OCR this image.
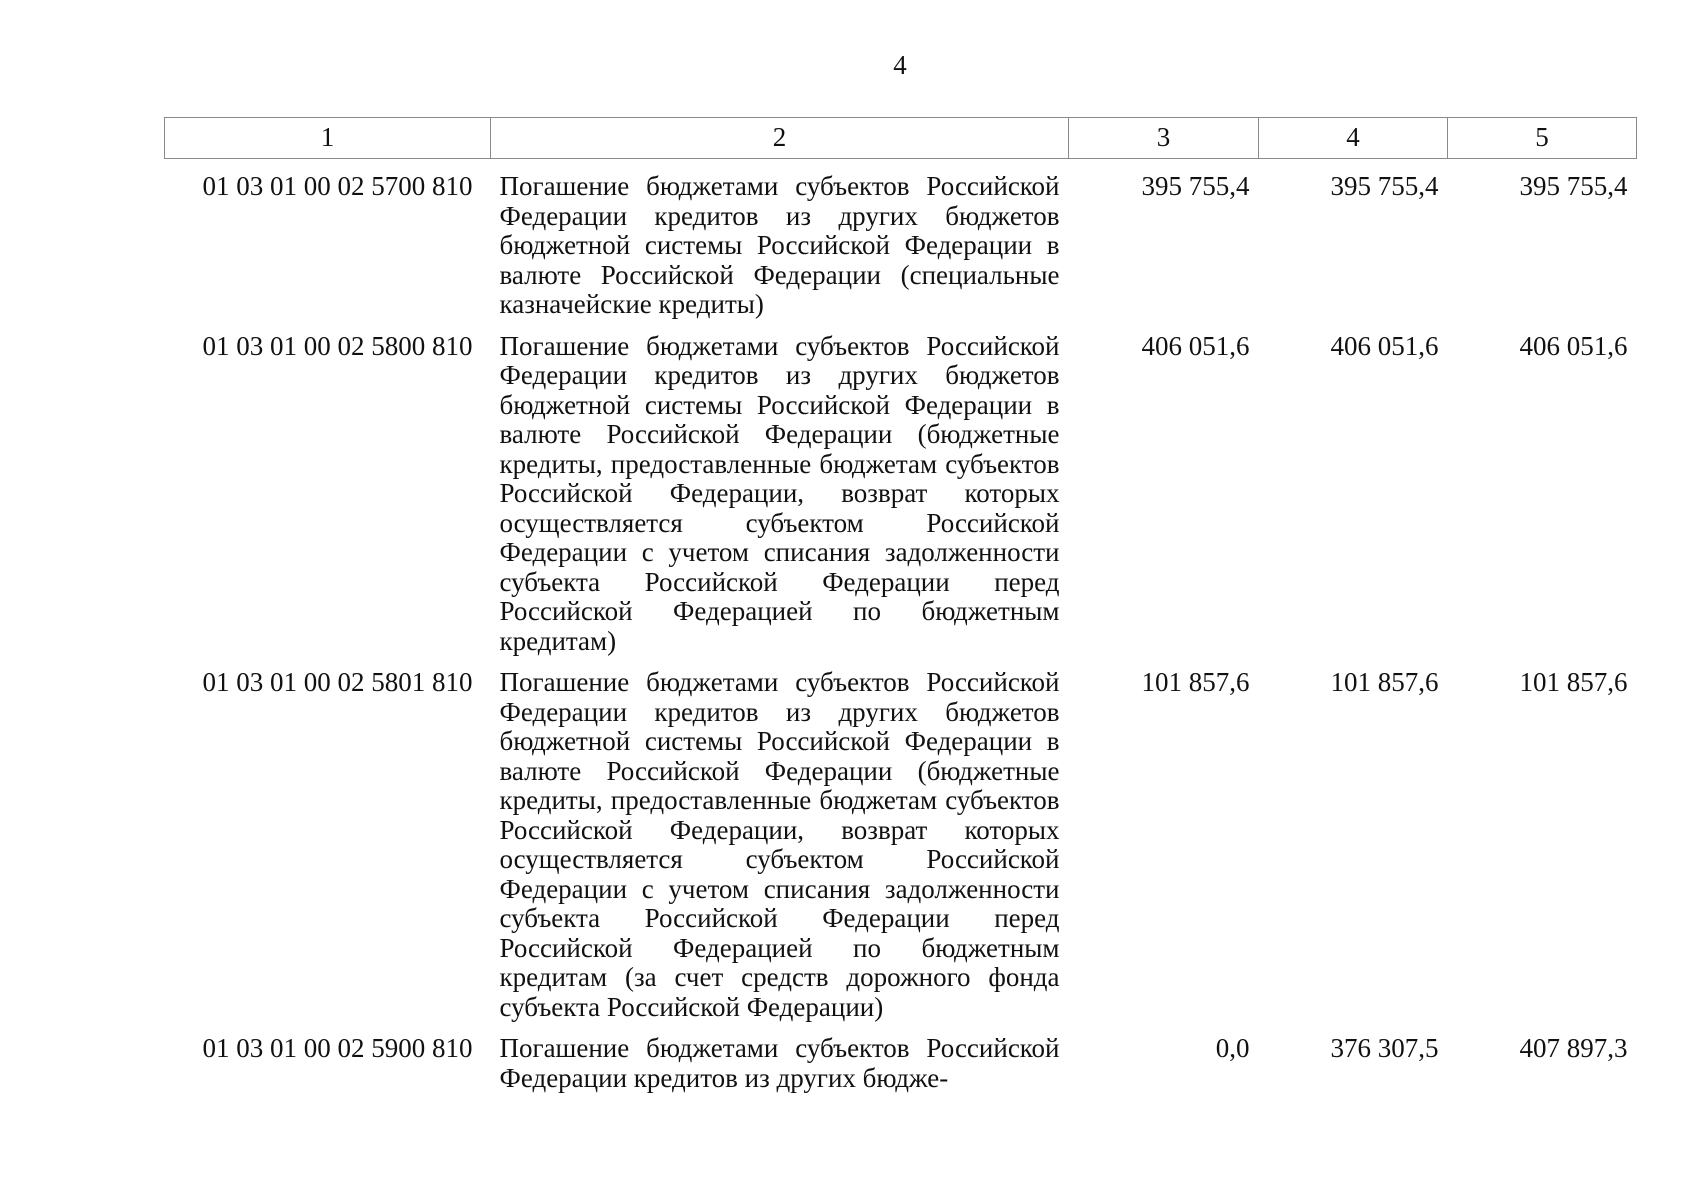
4
1	2	3	4	5
01 03 01 00 02 5700 810	Погашение бюджетами субъектов Российской Федерации кредитов из других бюджетов бюджетной системы Российской Федерации в валюте Российской Федерации (специальные казначейские кредиты)	395 755,4	395 755,4	395 755,4
01 03 01 00 02 5800 810	Погашение бюджетами субъектов Российской Федерации кредитов из других бюджетов бюджетной системы Российской Федерации в валюте Российской Федерации (бюджетные кредиты, предоставленные бюджетам субъектов Российской Федерации, возврат которых осуществляется субъектом Российской Федерации с учетом списания задолженности субъекта Российской Федерации перед Российской Федерацией по бюджетным кредитам)	406 051,6	406 051,6	406 051,6
01 03 01 00 02 5801 810	Погашение бюджетами субъектов Российской Федерации кредитов из других бюджетов бюджетной системы Российской Федерации в валюте Российской Федерации (бюджетные кредиты, предоставленные бюджетам субъектов Российской Федерации, возврат которых осуществляется субъектом Российской Федерации с учетом списания задолженности субъекта Российской Федерации перед Российской Федерацией по бюджетным кредитам (за счет средств дорожного фонда субъекта Российской Федерации)	101 857,6	101 857,6	101 857,6
01 03 01 00 02 5900 810	Погашение бюджетами субъектов Российской Федерации кредитов из других бюдже-	0,0	376 307,5	407 897,3
